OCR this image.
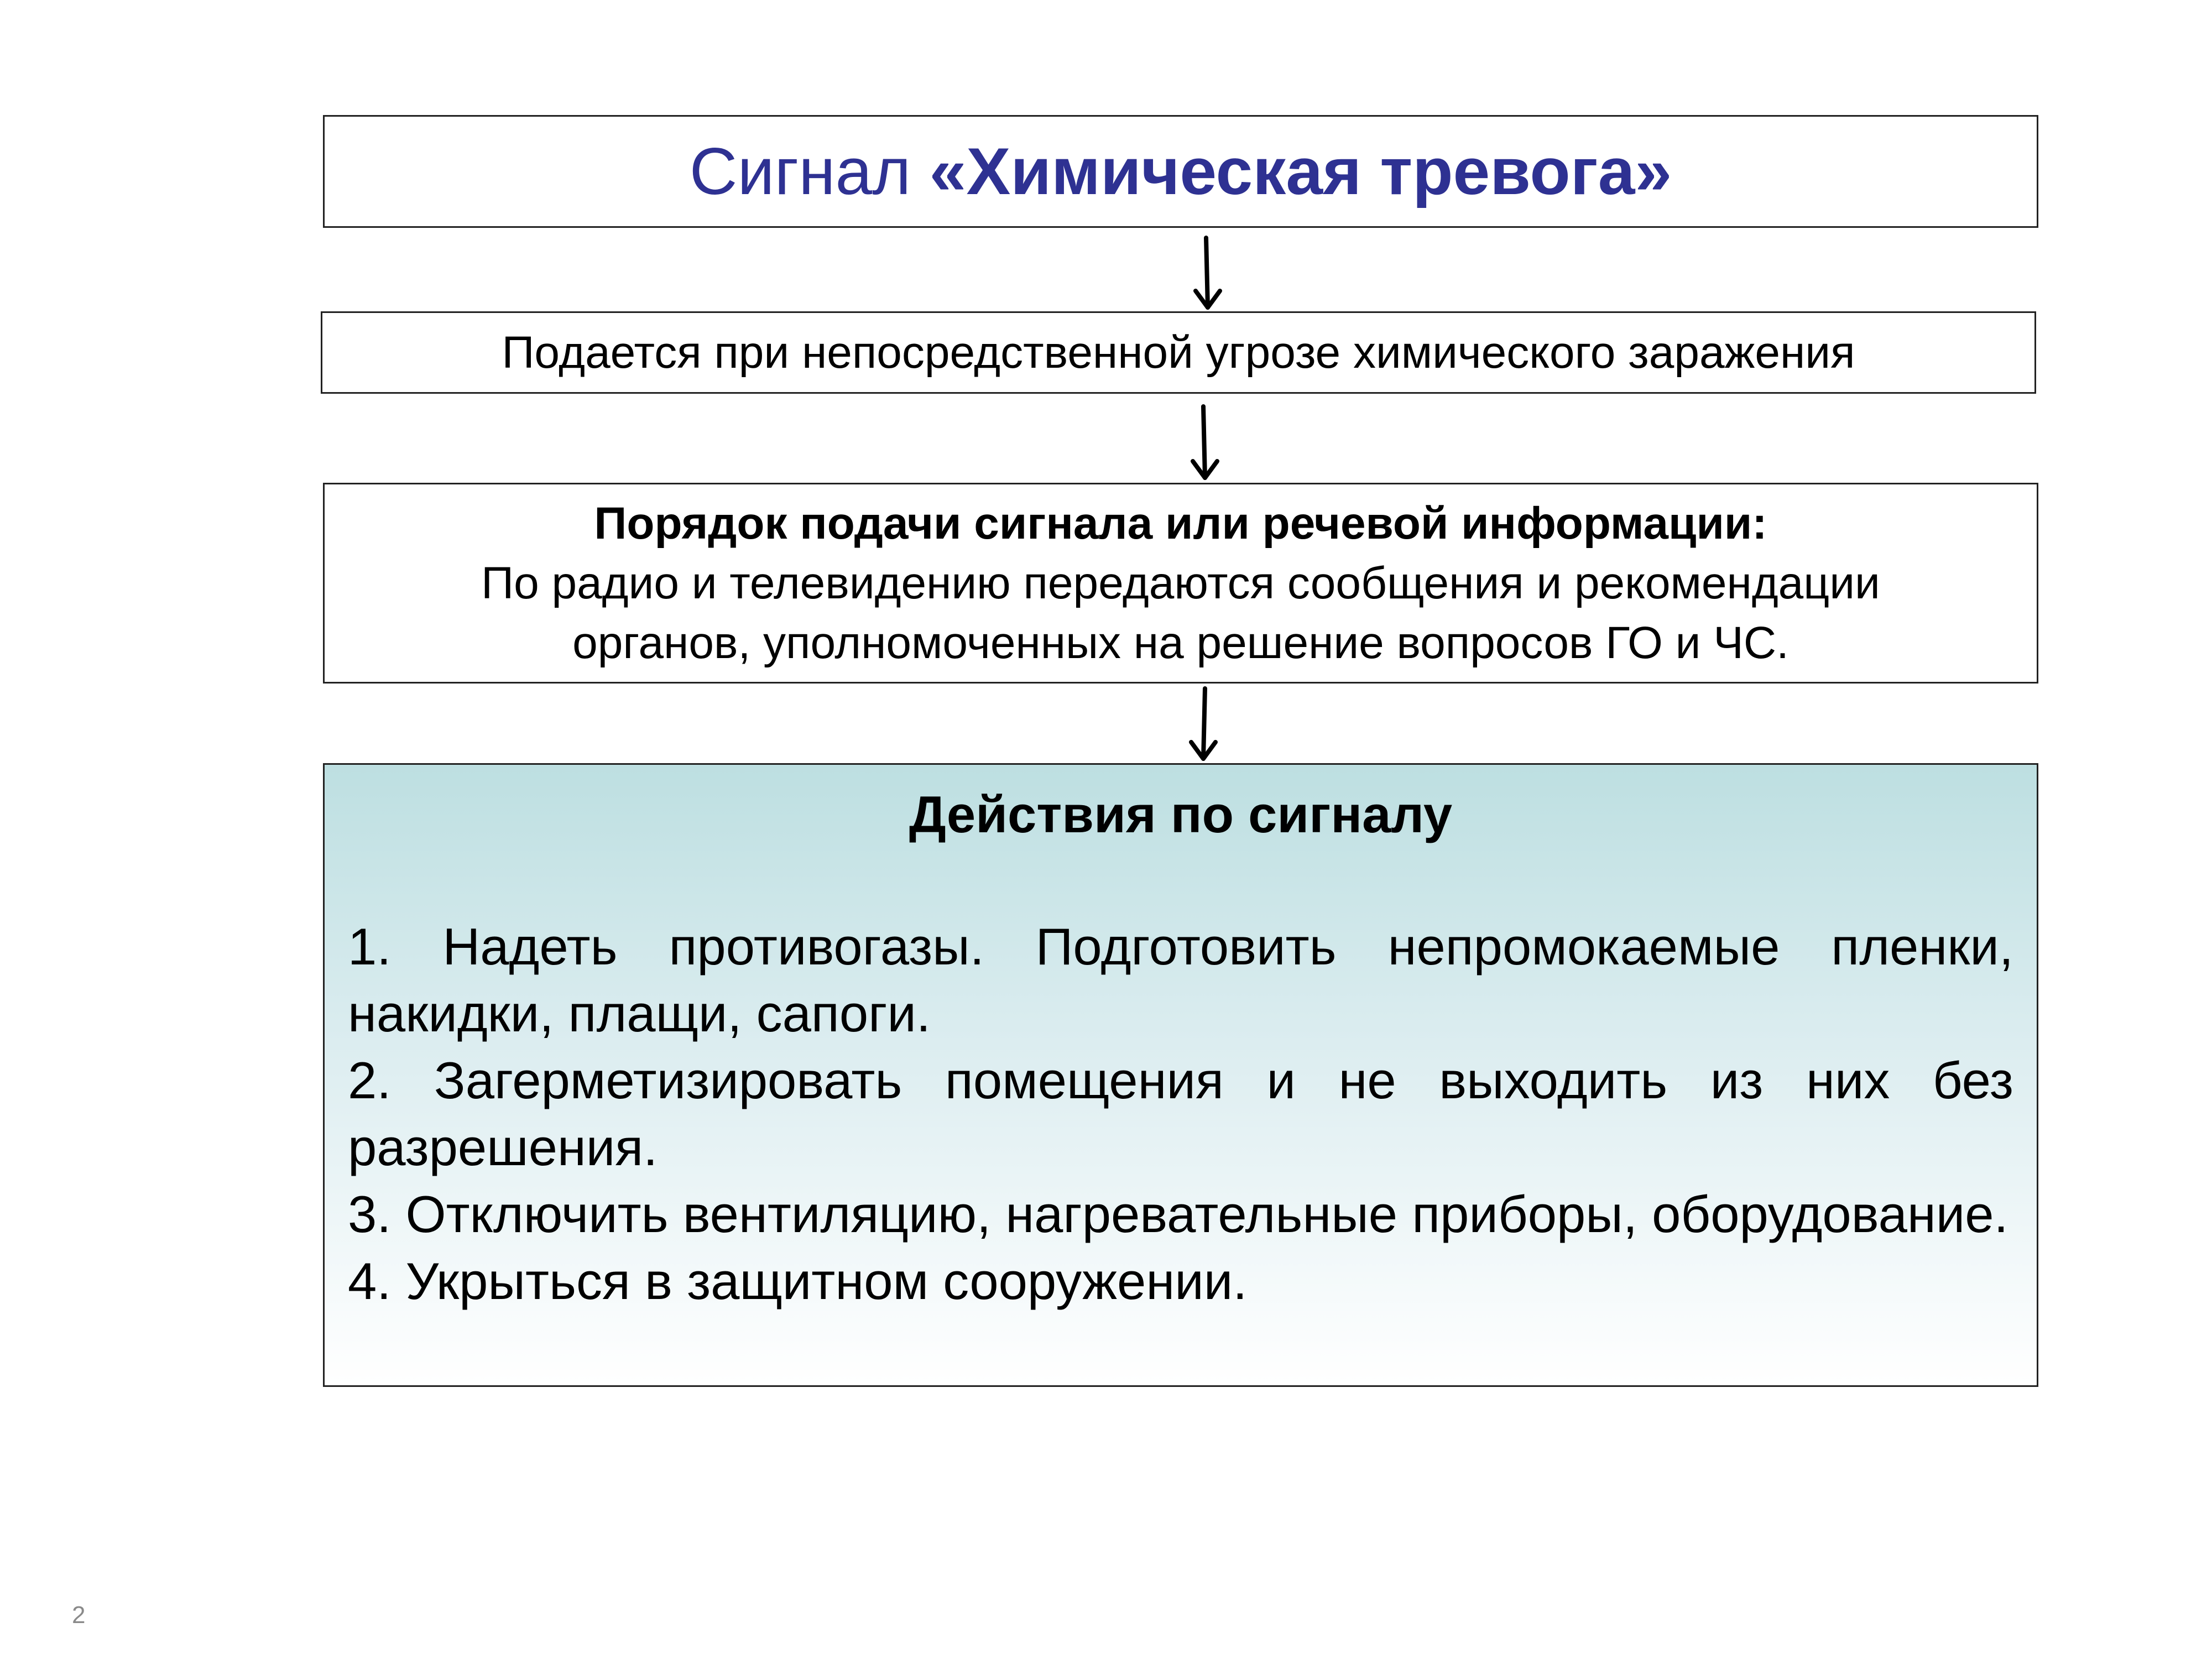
Сигнал «Химическая тревога»
Подается при непосредственной угрозе химического заражения
Порядок подачи сигнала или речевой информации:
По радио и телевидению передаются сообщения и рекомендации
органов, уполномоченных на решение вопросов ГО и ЧС.
Действия по сигналу
1. Надеть противогазы. Подготовить непромокаемые пленки, накидки, плащи, сапоги.
2. Загерметизировать помещения и не выходить из них без разрешения.
3. Отключить вентиляцию, нагревательные приборы, оборудование.
4. Укрыться в защитном сооружении.
2
